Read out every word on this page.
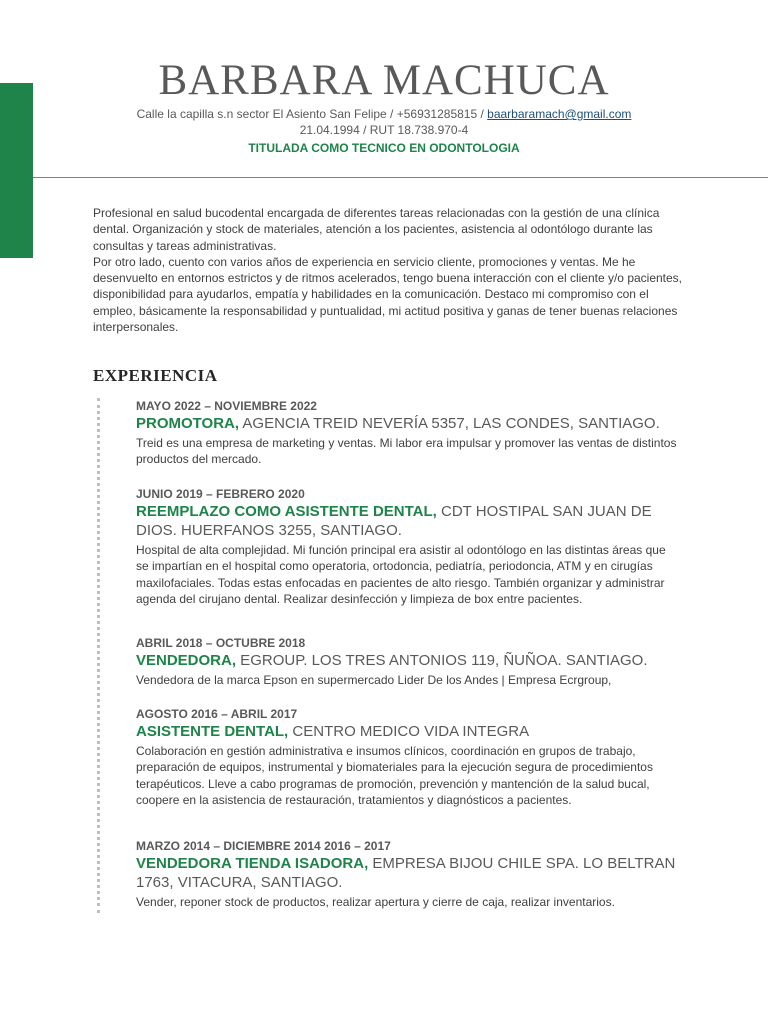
BARBARA MACHUCA
Calle la capilla s.n sector El Asiento San Felipe / +56931285815 / baarbaramach@gmail.com
21.04.1994 / RUT 18.738.970-4
TITULADA COMO TECNICO EN ODONTOLOGIA

Profesional en salud bucodental encargada de diferentes tareas relacionadas con la gestión de una clínica dental. Organización y stock de materiales, atención a los pacientes, asistencia al odontólogo durante las consultas y tareas administrativas.

Por otro lado, cuento con varios años de experiencia en servicio cliente, promociones y ventas. Me he desenvuelto en entornos estrictos y de ritmos acelerados, tengo buena interacción con el cliente y/o pacientes, disponibilidad para ayudarlos, empatía y habilidades en la comunicación. Destaco mi compromiso con el empleo, básicamente la responsabilidad y puntualidad, mi actitud positiva y ganas de tener buenas relaciones interpersonales.

EXPERIENCIA
MAYO 2022 – NOVIEMBRE 2022
PROMOTORA, AGENCIA TREID NEVERÍA 5357, LAS CONDES, SANTIAGO.
Treid es una empresa de marketing y ventas. Mi labor era impulsar y promover las ventas de distintos productos del mercado.
JUNIO 2019 – FEBRERO 2020
REEMPLAZO COMO ASISTENTE DENTAL, CDT HOSTIPAL SAN JUAN DE DIOS. HUERFANOS 3255, SANTIAGO.
Hospital de alta complejidad. Mi función principal era asistir al odontólogo en las distintas áreas que se impartían en el hospital como operatoria, ortodoncia, pediatría, periodoncia, ATM y en cirugías maxilofaciales. Todas estas enfocadas en pacientes de alto riesgo. También organizar y administrar agenda del cirujano dental. Realizar desinfección y limpieza de box entre pacientes.
ABRIL 2018 – OCTUBRE 2018
VENDEDORA, EGROUP. LOS TRES ANTONIOS 119, ÑUÑOA. SANTIAGO.
Vendedora de la marca Epson en supermercado Lider De los Andes | Empresa Ecrgroup,
AGOSTO 2016 – ABRIL 2017
ASISTENTE DENTAL, CENTRO MEDICO VIDA INTEGRA
Colaboración en gestión administrativa e insumos clínicos, coordinación en grupos de trabajo, preparación de equipos, instrumental y biomateriales para la ejecución segura de procedimientos terapéuticos. Lleve a cabo programas de promoción, prevención y mantención de la salud bucal, coopere en la asistencia de restauración, tratamientos y diagnósticos a pacientes.
MARZO 2014 – DICIEMBRE 2014 2016 – 2017
VENDEDORA TIENDA ISADORA, EMPRESA BIJOU CHILE SPA. LO BELTRAN 1763, VITACURA, SANTIAGO.
Vender, reponer stock de productos, realizar apertura y cierre de caja, realizar inventarios.
